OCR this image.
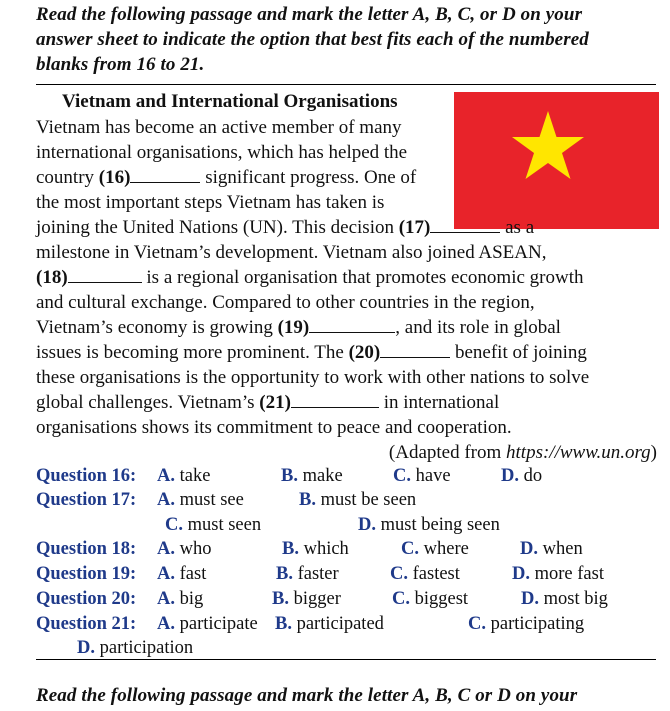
Read the following passage and mark the letter A, B, C, or D on your
answer sheet to indicate the option that best fits each of the numbered
blanks from 16 to 21.
Vietnam and International Organisations
Vietnam has become an active member of many
international organisations, which has helped the
country (16)	significant progress. One of
the most important steps Vietnam has taken is
joining the United Nations (UN). This decision (17)	as a
milestone in Vietnam’s development. Vietnam also joined ASEAN,
(18)	is a regional organisation that promotes economic growth
and cultural exchange. Compared to other countries in the region,
Vietnam’s economy is growing (19)	, and its role in global
issues is becoming more prominent. The (20)	benefit of joining
these organisations is the opportunity to work with other nations to solve
global challenges. Vietnam’s (21)	in international
organisations shows its commitment to peace and cooperation.
(Adapted from https://www.un.org)
Question 16: A. take	B. make	C. have	D. do
Question 17: A. must see	B. must be seen
C. must seen	D. must being seen
Question 18: A. who	B. which	C. where	D. when
Question 19: A. fast	B. faster	C. fastest	D. more fast
Question 20: A. big	B. bigger	C. biggest	D. most big
Question 21: A. participate B. participated	C. participating
D. participation
Read the following passage and mark the letter A, B, C or D on your
